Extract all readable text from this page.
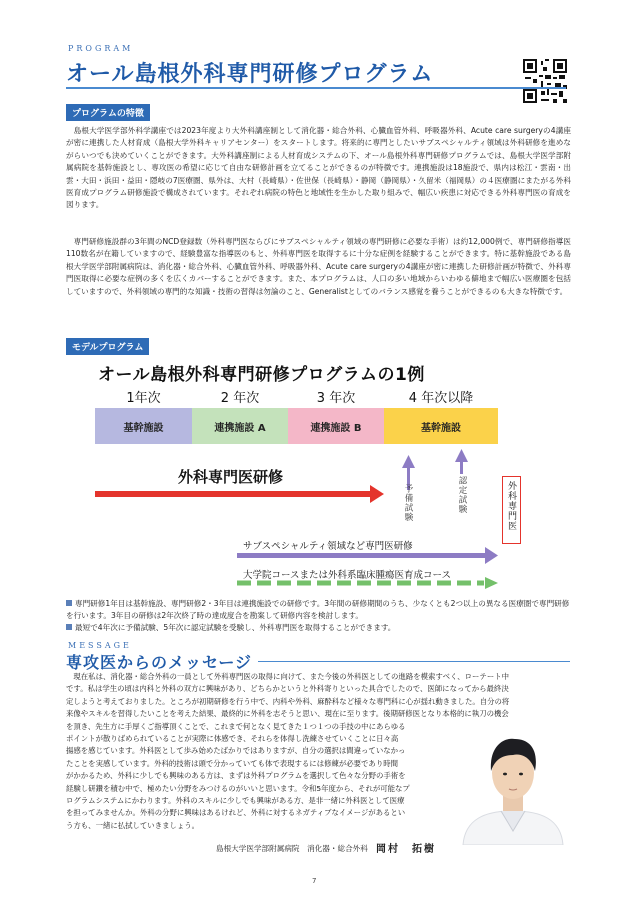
PROGRAM
オール島根外科専門研修プログラム
プログラムの特徴
　島根大学医学部外科学講座では2023年度より大外科講座制として消化器・総合外科、心臓血管外科、呼吸器外科、Acute care surgeryの4講座が密に連携した人材育成（島根大学外科キャリアセンター）をスタートします。将来的に専門としたいサブスペシャルティ領域は外科研修を進めながらいつでも決めていくことができます。大外科講座制による人材育成システムの下、オール島根外科専門研修プログラムでは、島根大学医学部附属病院を基幹施設とし、専攻医の希望に応じて自由な研修計画を立てることができるのが特徴です。連携施設は18施設で、県内は松江・雲南・出雲・大田・浜田・益田・隠岐の7医療圏、県外は、大村（長崎県）・佐世保（長崎県）・静岡（静岡県）・久留米（福岡県）の４医療圏にまたがる外科医育成プログラム研修施設で構成されています。それぞれ病院の特色と地域性を生かした取り組みで、幅広い疾患に対応できる外科専門医の育成を図ります。
　専門研修施設群の3年間のNCD登録数（外科専門医ならびにサブスペシャルティ領域の専門研修に必要な手術）は約12,000例で、専門研修指導医110数名が在籍していますので、経験豊富な指導医のもと、外科専門医を取得するに十分な症例を経験することができます。特に基幹施設である島根大学医学部附属病院は、消化器・総合外科、心臓血管外科、呼吸器外科、Acute care surgeryの4講座が密に連携した研修計画が特徴で、外科専門医取得に必要な症例の多くを広くカバーすることができます。また、本プログラムは、人口の多い地域からいわゆる僻地まで幅広い医療圏を包括していますので、外科領域の専門的な知識・技術の習得は勿論のこと、Generalistとしてのバランス感覚を養うことができるのも大きな特徴です。
モデルプログラム
オール島根外科専門研修プログラムの1例
1年次	2 年次	3 年次	4 年次以降
基幹施設	連携施設 A	連携施設 B	基幹施設
外科専門医研修
予備試験	認定試験	外科専門医
サブスペシャルティ領域など専門医研修
大学院コースまたは外科系臨床腫瘍医育成コース
専門研修1年目は基幹施設、専門研修2・3年目は連携施設での研修です。3年間の研修期間のうち、少なくとも2つ以上の異なる医療圏で専門研修を行います。3年目の研修は2年次終了時の達成度合を勘案して研修内容を検討します。
最短で4年次に予備試験、5年次に認定試験を受験し、外科専門医を取得することができます。
MESSAGE
専攻医からのメッセージ
　現在私は、消化器・総合外科の一員として外科専門医の取得に向けて、また今後の外科医としての進路を模索すべく、ローテート中
です。私は学生の頃は内科と外科の双方に興味があり、どちらかというと外科寄りといった具合でしたので、医師になってから最終決
定しようと考えておりました。ところが初期研修を行う中で、内科や外科、麻酔科など様々な専門科に心が揺れ動きました。自分の将
来像やスキルを習得したいことを考えた結果、最終的に外科を志そうと思い、現在に至ります。後期研修医となり本格的に執刀の機会
を頂き、先生方に手厚くご指導頂くことで、これまで何となく見てきた１つ１つの手技の中にあらゆる
ポイントが散りばめられていることが実際に体感でき、それらを体得し洗練させていくことに日々高
揚感を感じています。外科医として歩み始めたばかりではありますが、自分の選択は間違っていなかっ
たことを実感しています。外科的技術は頭で分かっていても体で表現するには修練が必要であり時間
がかかるため、外科に少しでも興味のある方は、まずは外科プログラムを選択して色々な分野の手術を
経験し研鑽を積む中で、極めたい分野をみつけるのがいいと思います。令和5年度から、それが可能なプ
ログラムシステムにかわります。外科のスキルに少しでも興味がある方、是非一緒に外科医として医療
を担ってみませんか。外科の分野に興味はあるけれど、外科に対するネガティブなイメージがあるとい
う方も、一緒に払拭していきましょう。
島根大学医学部附属病院　消化器・総合外科 岡村　拓樹
7
